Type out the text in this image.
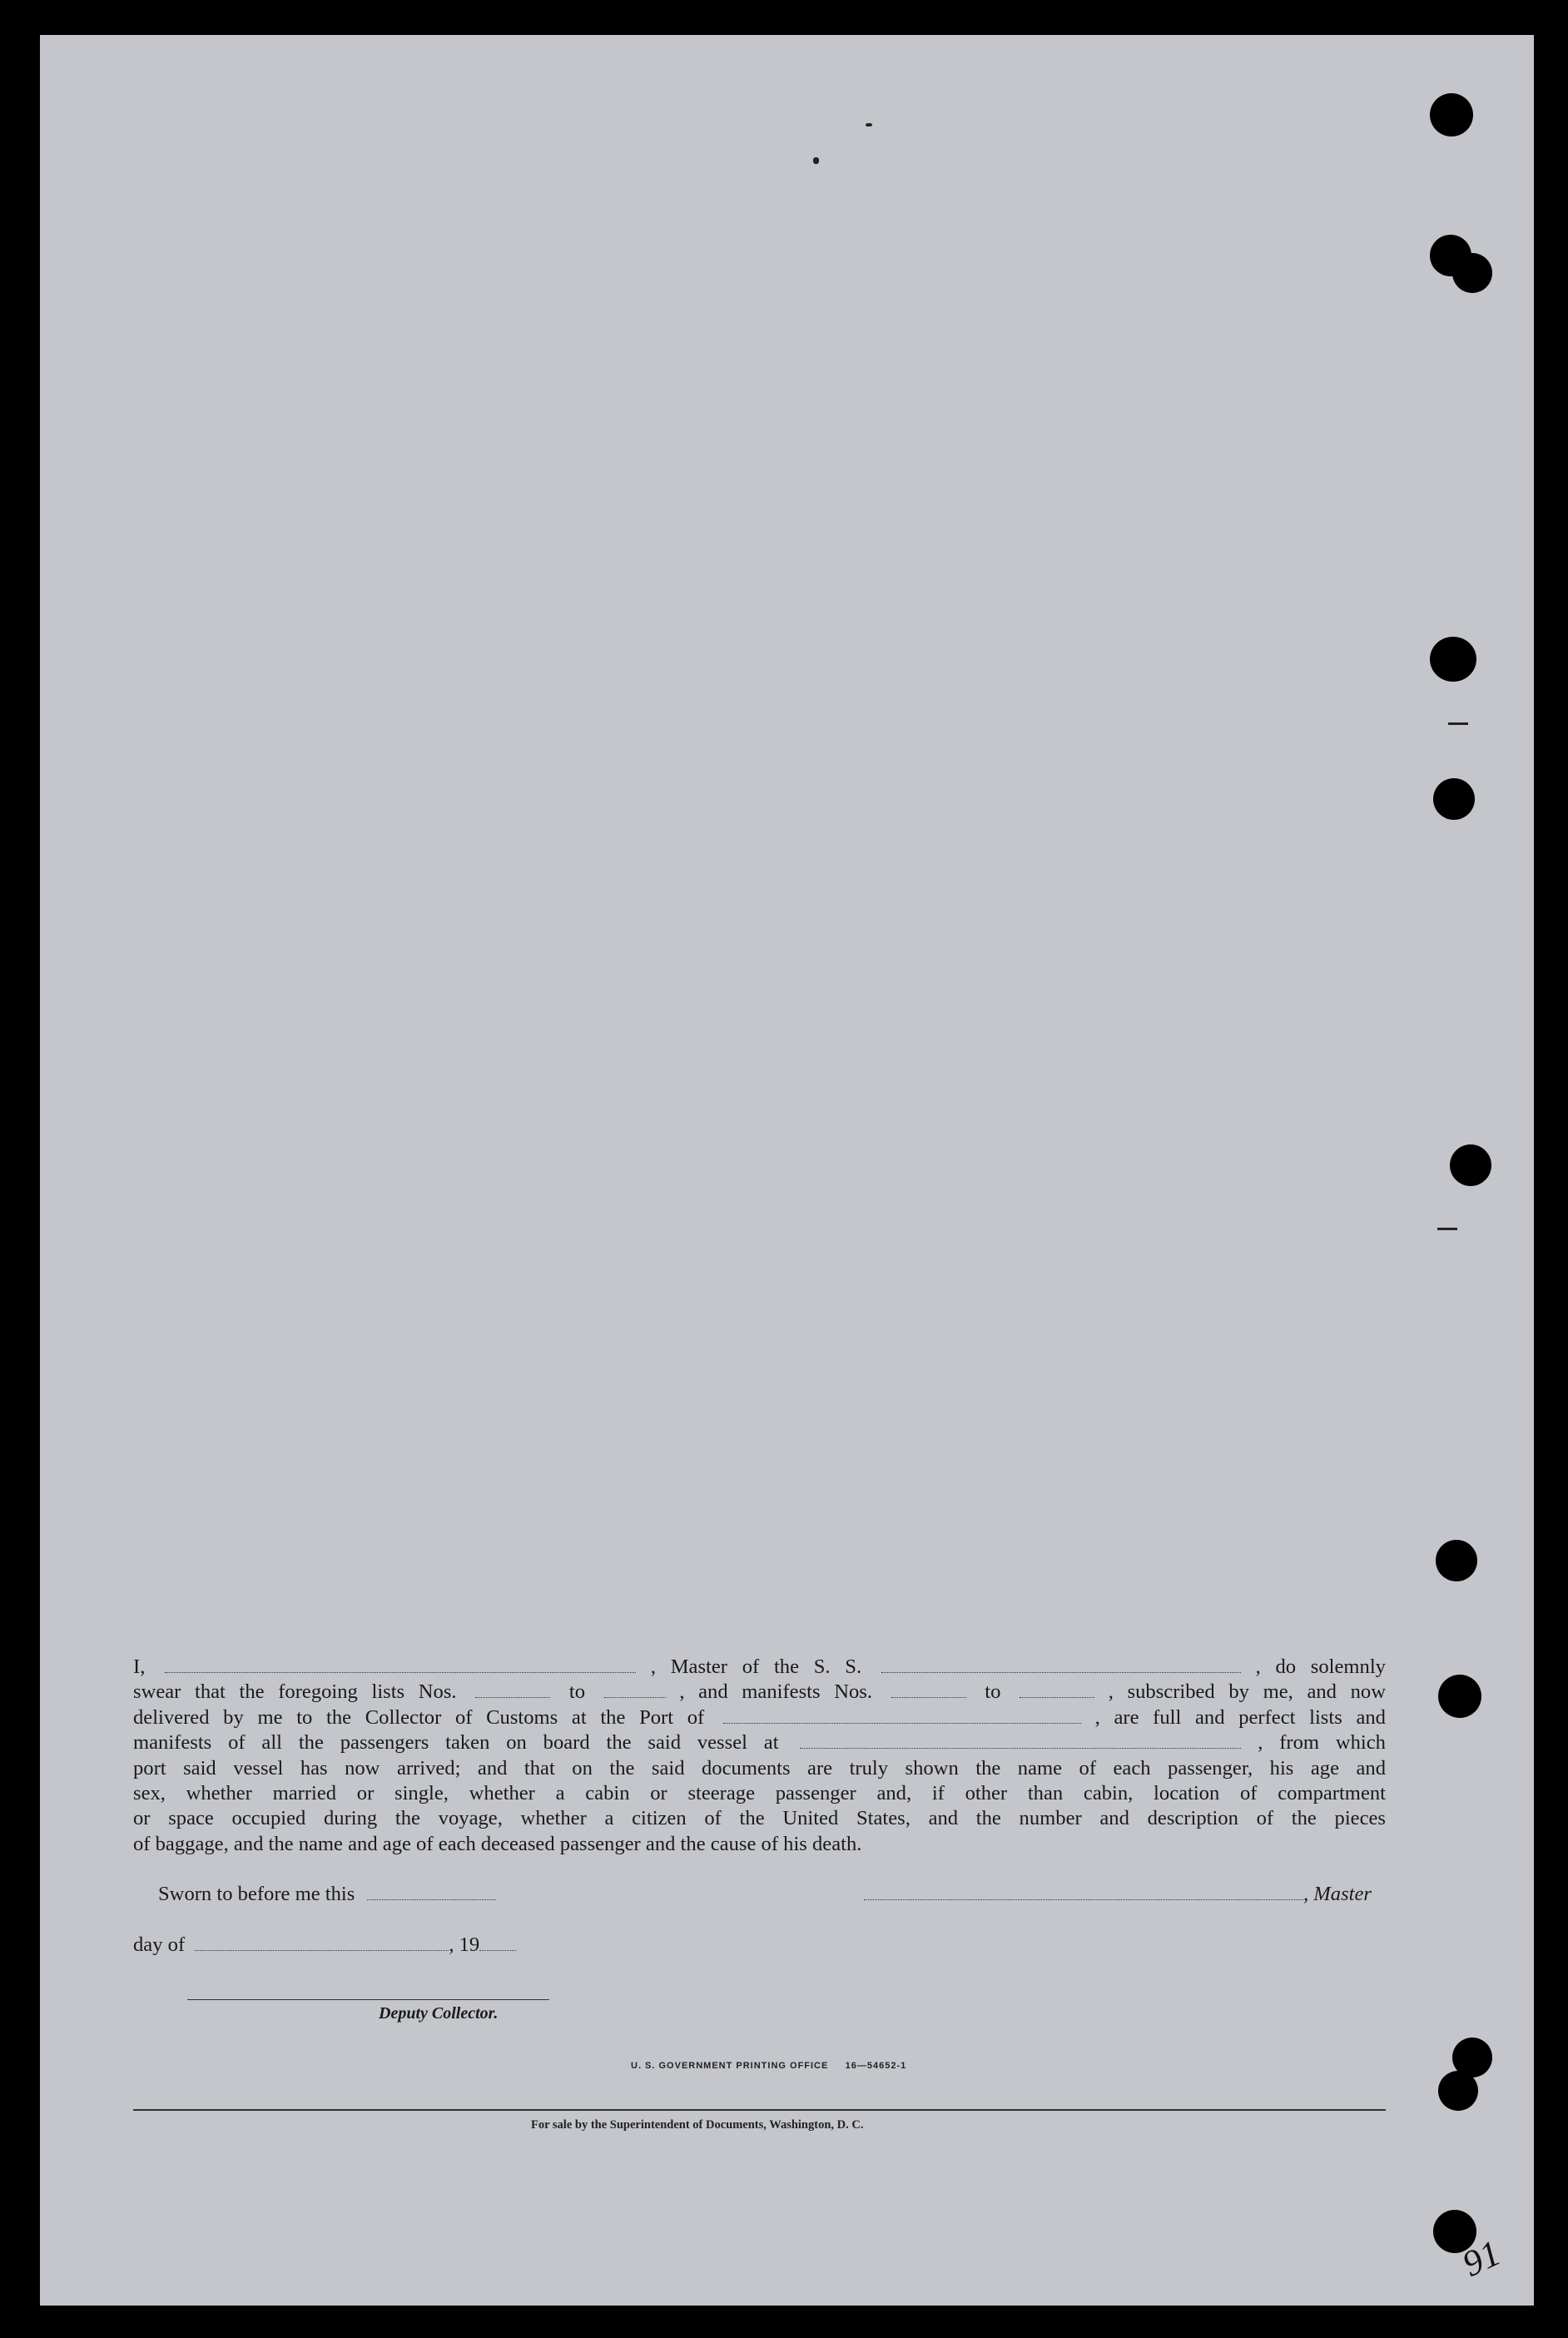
I,	, Master of the S. S.	, do solemnly
swear that the foregoing lists Nos.	to	, and manifests Nos.	to	, subscribed by me, and now
delivered by me to the Collector of Customs at the Port of	, are full and perfect lists and
manifests of all the passengers taken on board the said vessel at	, from which
port said vessel has now arrived; and that on the said documents are truly shown the name of each passenger, his age and
sex, whether married or single, whether a cabin or steerage passenger and, if other than cabin, location of compartment
or space occupied during the voyage, whether a citizen of the United States, and the number and description of the pieces
of baggage, and the name and age of each deceased passenger and the cause of his death.
Sworn to before me this	, Master
day of	, 19
Deputy Collector.
U. S. GOVERNMENT PRINTING OFFICE     16—54652-1
For sale by the Superintendent of Documents, Washington, D. C.
91
